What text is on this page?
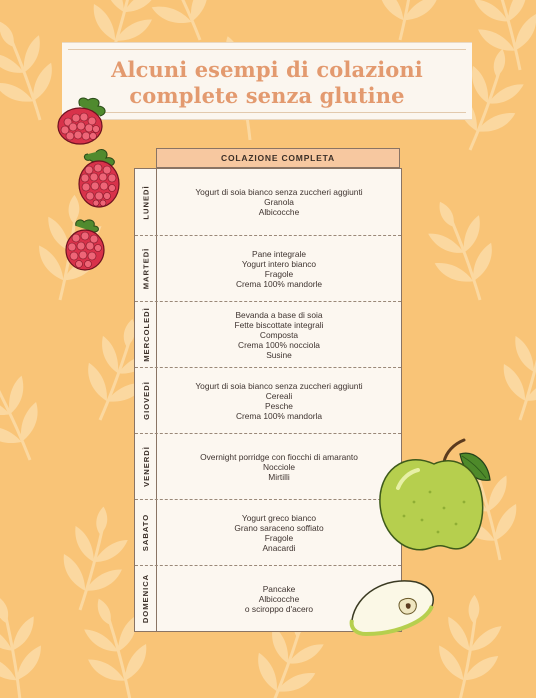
Alcuni esempi di colazioni
complete senza glutine
COLAZIONE COMPLETA
LUNEDÌ	Yogurt di soia bianco senza zuccheri aggiunti
Granola
Albicocche
MARTEDÌ	Pane integrale
Yogurt intero bianco
Fragole
Crema 100% mandorle
MERCOLEDÌ	Bevanda a base di soia
Fette biscottate integrali
Composta
Crema 100% nocciola
Susine
GIOVEDÌ	Yogurt di soia bianco senza zuccheri aggiunti
Cereali
Pesche
Crema 100% mandorla
VENERDÌ	Overnight porridge con fiocchi di amaranto
Nocciole
Mirtilli
SABATO	Yogurt greco bianco
Grano saraceno soffiato
Fragole
Anacardi
DOMENICA	Pancake
Albicocche
o sciroppo d'acero
